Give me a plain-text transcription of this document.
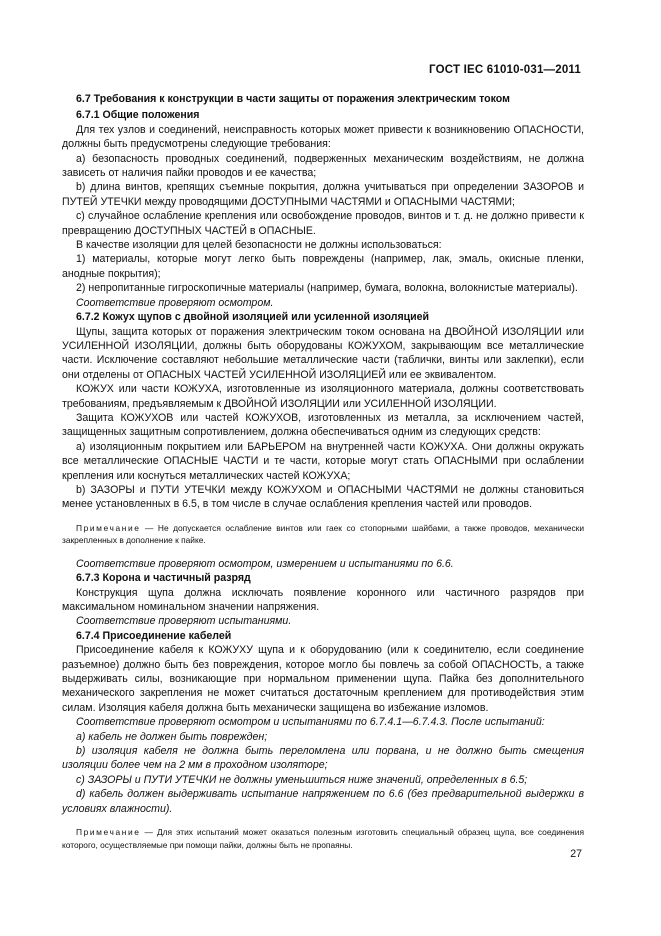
ГОСТ IEC 61010-031—2011

6.7 Требования к конструкции в части защиты от поражения электрическим током

6.7.1 Общие положения

Для тех узлов и соединений, неисправность которых может привести к возникновению ОПАСНОСТИ, должны быть предусмотрены следующие требования:

a) безопасность проводных соединений, подверженных механическим воздействиям, не должна зависеть от наличия пайки проводов и ее качества;

b) длина винтов, крепящих съемные покрытия, должна учитываться при определении ЗАЗОРОВ и ПУТЕЙ УТЕЧКИ между проводящими ДОСТУПНЫМИ ЧАСТЯМИ и ОПАСНЫМИ ЧАСТЯМИ;

c) случайное ослабление крепления или освобождение проводов, винтов и т. д. не должно привести к превращению ДОСТУПНЫХ ЧАСТЕЙ в ОПАСНЫЕ.

В качестве изоляции для целей безопасности не должны использоваться:

1) материалы, которые могут легко быть повреждены (например, лак, эмаль, окисные пленки, анодные покрытия);

2) непропитанные гигроскопичные материалы (например, бумага, волокна, волокнистые материалы).

Соответствие проверяют осмотром.

6.7.2 Кожух щупов с двойной изоляцией или усиленной изоляцией

Щупы, защита которых от поражения электрическим током основана на ДВОЙНОЙ ИЗОЛЯЦИИ или УСИЛЕННОЙ ИЗОЛЯЦИИ, должны быть оборудованы КОЖУХОМ, закрывающим все металлические части. Исключение составляют небольшие металлические части (таблички, винты или заклепки), если они отделены от ОПАСНЫХ ЧАСТЕЙ УСИЛЕННОЙ ИЗОЛЯЦИЕЙ или ее эквивалентом.

КОЖУХ или части КОЖУХА, изготовленные из изоляционного материала, должны соответствовать требованиям, предъявляемым к ДВОЙНОЙ ИЗОЛЯЦИИ или УСИЛЕННОЙ ИЗОЛЯЦИИ.

Защита КОЖУХОВ или частей КОЖУХОВ, изготовленных из металла, за исключением частей, защищенных защитным сопротивлением, должна обеспечиваться одним из следующих средств:

a) изоляционным покрытием или БАРЬЕРОМ на внутренней части КОЖУХА. Они должны окружать все металлические ОПАСНЫЕ ЧАСТИ и те части, которые могут стать ОПАСНЫМИ при ослаблении крепления или коснуться металлических частей КОЖУХА;

b) ЗАЗОРЫ и ПУТИ УТЕЧКИ между КОЖУХОМ и ОПАСНЫМИ ЧАСТЯМИ не должны становиться менее установленных в 6.5, в том числе в случае ослабления крепления частей или проводов.

Примечание — Не допускается ослабление винтов или гаек со стопорными шайбами, а также проводов, механически закрепленных в дополнение к пайке.

Соответствие проверяют осмотром, измерением и испытаниями по 6.6.

6.7.3 Корона и частичный разряд

Конструкция щупа должна исключать появление коронного или частичного разрядов при максимальном номинальном значении напряжения.

Соответствие проверяют испытаниями.

6.7.4 Присоединение кабелей

Присоединение кабеля к КОЖУХУ щупа и к оборудованию (или к соединителю, если соединение разъемное) должно быть без повреждения, которое могло бы повлечь за собой ОПАСНОСТЬ, а также выдерживать силы, возникающие при нормальном применении щупа. Пайка без дополнительного механического закрепления не может считаться достаточным креплением для противодействия этим силам. Изоляция кабеля должна быть механически защищена во избежание изломов.

Соответствие проверяют осмотром и испытаниями по 6.7.4.1—6.7.4.3. После испытаний:

a) кабель не должен быть поврежден;

b) изоляция кабеля не должна быть переломлена или порвана, и не должно быть смещения изоляции более чем на 2 мм в проходном изоляторе;

c) ЗАЗОРЫ и ПУТИ УТЕЧКИ не должны уменьшиться ниже значений, определенных в 6.5;

d) кабель должен выдерживать испытание напряжением по 6.6 (без предварительной выдержки в условиях влажности).

Примечание — Для этих испытаний может оказаться полезным изготовить специальный образец щупа, все соединения которого, осуществляемые при помощи пайки, должны быть не пропаяны.

27
